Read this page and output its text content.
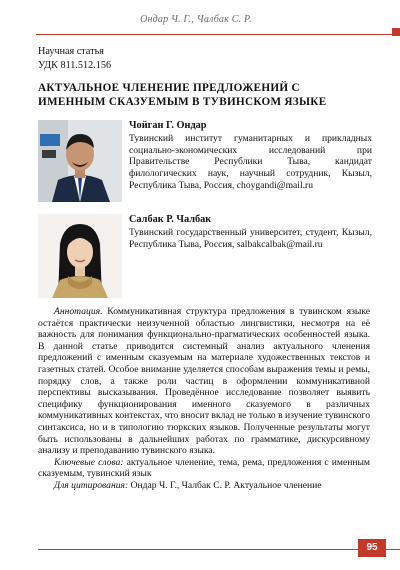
Ондар Ч. Г., Чалбак С. Р.
Научная статья
УДК 811.512.156
АКТУАЛЬНОЕ ЧЛЕНЕНИЕ ПРЕДЛОЖЕНИЙ С ИМЕННЫМ СКАЗУЕМЫМ В ТУВИНСКОМ ЯЗЫКЕ
Чойган Г. Ондар
Тувинский институт гуманитарных и прикладных социально-экономических исследований при Правительстве Республики Тыва, кандидат филологических наук, научный сотрудник, Кызыл, Республика Тыва, Россия, choygandi@mail.ru
Салбак Р. Чалбак
Тувинский государственный университет, студент, Кызыл, Республика Тыва, Россия, salbakcalbak@mail.ru

Аннотация. Коммуникативная структура предложения в тувинском языке остаётся практически неизученной областью лингвистики, несмотря на её важность для понимания функционально-прагматических особенностей языка. В данной статье приводится системный анализ актуального членения предложений с именным сказуемым на материале художественных текстов и газетных статей. Особое внимание уделяется способам выражения темы и ремы, порядку слов, а также роли частиц в оформлении коммуникативной перспективы высказывания. Проведённое исследование позволяет выявить специфику функционирования именного сказуемого в различных коммуникативных контекстах, что вносит вклад не только в изучение тувинского синтаксиса, но и в типологию тюркских языков. Полученные результаты могут быть использованы в дальнейших работах по грамматике, дискурсивному анализу и преподаванию тувинского языка.

Ключевые слова: актуальное членение, тема, рема, предложения с именным сказуемым, тувинский язык

Для цитирования: Ондар Ч. Г., Чалбак С. Р. Актуальное членение

95
